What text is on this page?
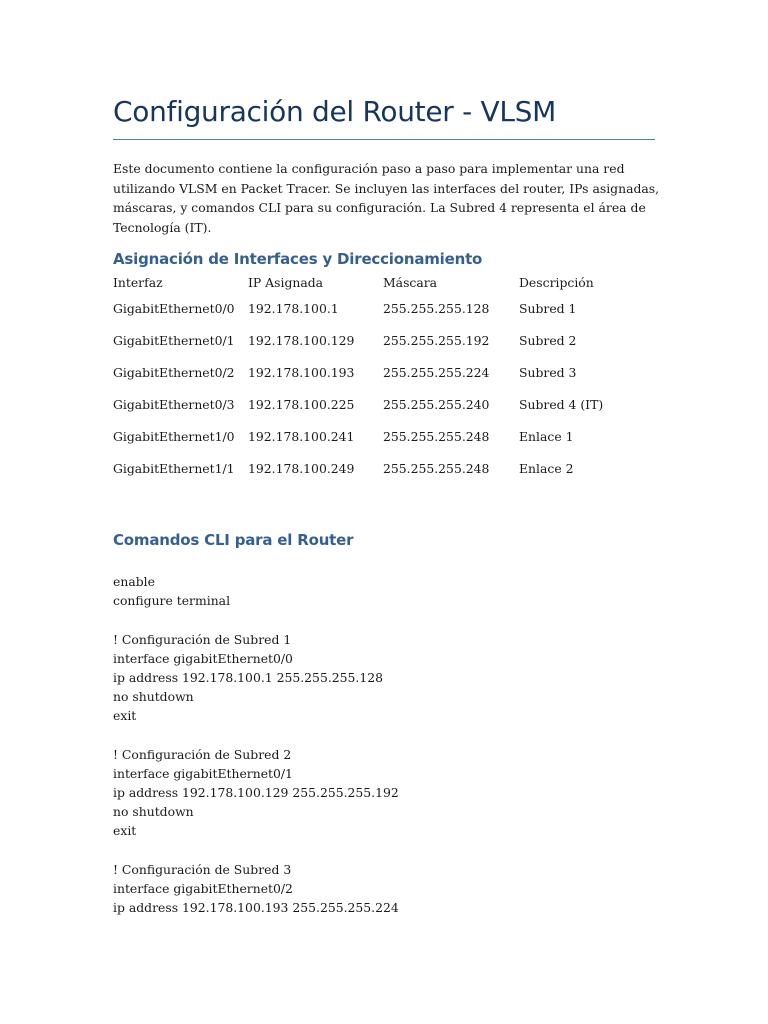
Configuración del Router - VLSM

Este documento contiene la configuración paso a paso para implementar una red utilizando VLSM en Packet Tracer. Se incluyen las interfaces del router, IPs asignadas, máscaras, y comandos CLI para su configuración. La Subred 4 representa el área de Tecnología (IT).

Asignación de Interfaces y Direccionamiento
Interfaz	IP Asignada	Máscara	Descripción
GigabitEthernet0/0	192.178.100.1	255.255.255.128	Subred 1
GigabitEthernet0/1	192.178.100.129	255.255.255.192	Subred 2
GigabitEthernet0/2	192.178.100.193	255.255.255.224	Subred 3
GigabitEthernet0/3	192.178.100.225	255.255.255.240	Subred 4 (IT)
GigabitEthernet1/0	192.178.100.241	255.255.255.248	Enlace 1
GigabitEthernet1/1	192.178.100.249	255.255.255.248	Enlace 2
Comandos CLI para el Router
enable
configure terminal
! Configuración de Subred 1
interface gigabitEthernet0/0
ip address 192.178.100.1 255.255.255.128
no shutdown
exit
! Configuración de Subred 2
interface gigabitEthernet0/1
ip address 192.178.100.129 255.255.255.192
no shutdown
exit
! Configuración de Subred 3
interface gigabitEthernet0/2
ip address 192.178.100.193 255.255.255.224
